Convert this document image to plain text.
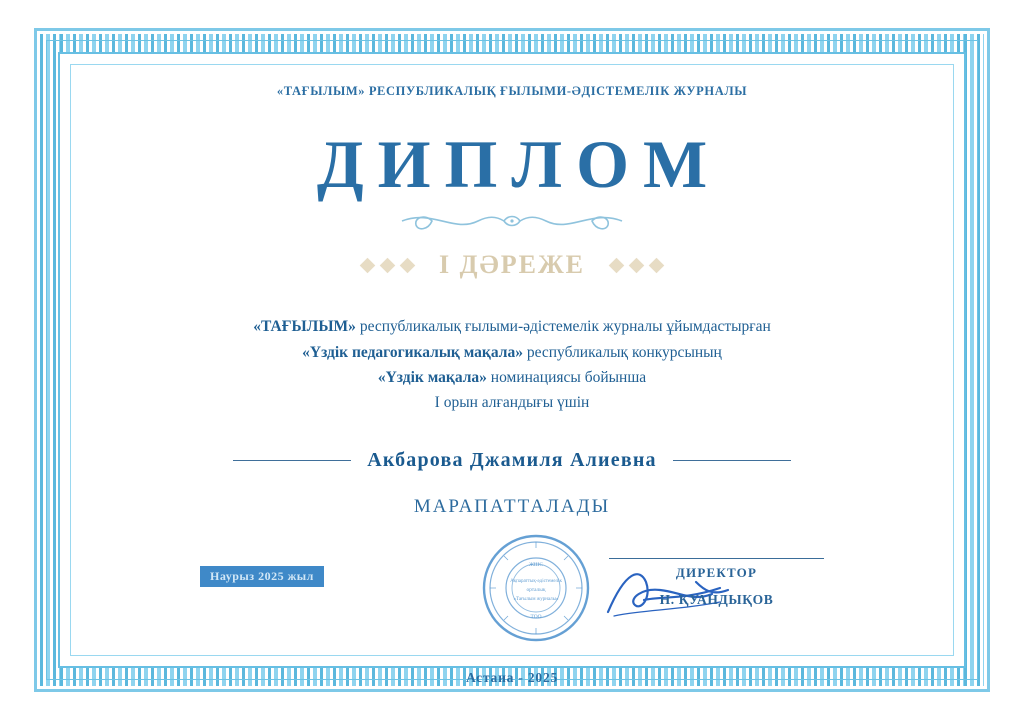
«ТАҒЫЛЫМ» РЕСПУБЛИКАЛЫҚ ҒЫЛЫМИ-ӘДІСТЕМЕЛІК ЖУРНАЛЫ
ДИПЛОМ
I ДӘРЕЖЕ
«ТАҒЫЛЫМ» республикалық ғылыми-әдістемелік журналы ұйымдастырған
«Үздік педагогикалық мақала» республикалық конкурсының
«Үздік мақала» номинациясы бойынша
I орын алғандығы үшін
Акбарова Джамиля Алиевна
МАРАПАТТАЛАДЫ
Наурыз 2025 жыл
ЖШС
Ақпараттық-әдістемелік
орталық
«Тағылым журналы»
ТОО
ДИРЕКТОР
Н. ҚУАНДЫҚОВ
Астана - 2025
